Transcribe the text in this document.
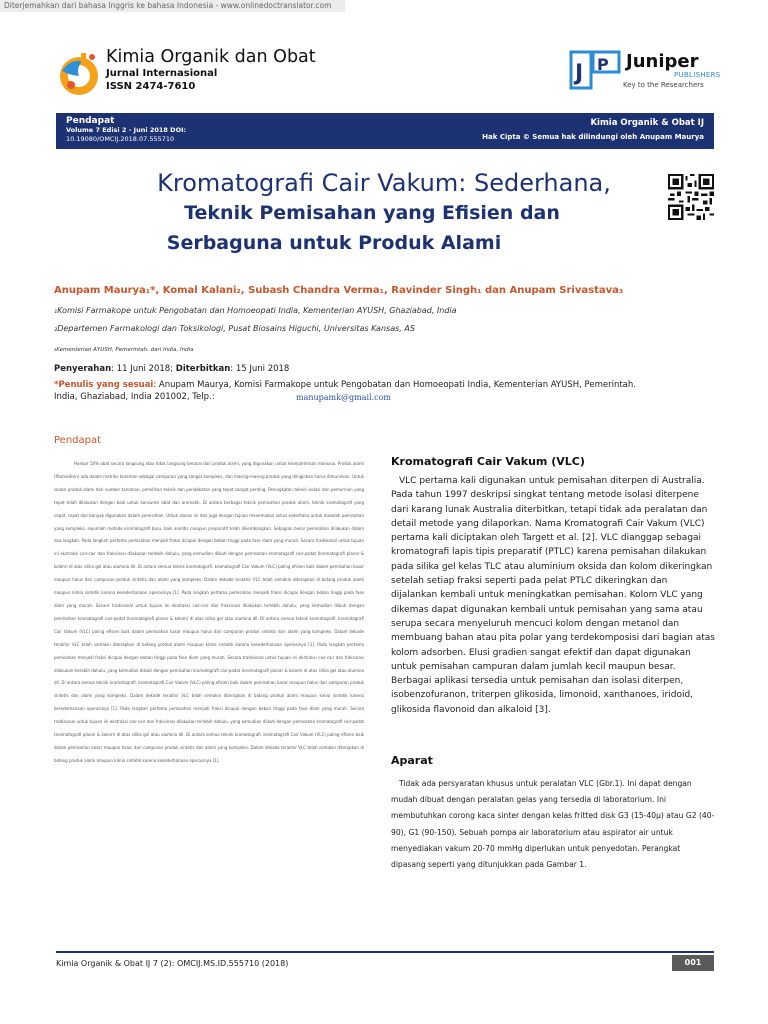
Diterjemahkan dari bahasa Inggris ke bahasa Indonesia - www.onlinedoctranslator.com
Kimia Organik dan Obat
Jurnal Internasional
ISSN 2474-7610
J P Juniper
PUBLISHERS
Key to the Researchers
Pendapat
Volume 7 Edisi 2 - Juni 2018 DOI:
10.19080/OMCIJ.2018.07.555710
Kimia Organik & Obat IJ
Hak Cipta © Semua hak dilindungi oleh Anupam Maurya
Kromatografi Cair Vakum: Sederhana,
Teknik Pemisahan yang Efisien dan
Serbaguna untuk Produk Alami
Anupam Maurya₁*, Komal Kalani₂, Subash Chandra Verma₁, Ravinder Singh₁ dan Anupam Srivastava₃
₁Komisi Farmakope untuk Pengobatan dan Homoeopati India, Kementerian AYUSH, Ghaziabad, India
₂Departemen Farmakologi dan Toksikologi, Pusat Biosains Higuchi, Universitas Kansas, AS
₃Kementerian AYUSH, Pemerintah. dari India, India
Penyerahan: 11 Juni 2018; Diterbitkan: 15 Juni 2018
*Penulis yang sesuai: Anupam Maurya, Komisi Farmakope untuk Pengobatan dan Homoeopati India, Kementerian AYUSH, Pemerintah.
India, Ghaziabad, India 201002, Telp.:	manupamk@gmail.com
Pendapat

Hampir 50% obat secara langsung atau tidak langsung berasal dari produk alami, yang digunakan untuk kesejahteraan manusia. Produk alami (fitomedisin) ada dalam matriks tanaman sebagai campuran yang sangat kompleks, dan masing-masing produk yang diinginkan harus dimurnikan. Untuk isolasi produk alami dari sumber tanaman, pemilihan teknik dan pendekatan yang tepat sangat penting. Peningkatan teknik isolasi dan pemurnian yang tepat telah dilakukan dengan baik untuk konsumsi obat dan aromatik. Di antara berbagai teknik pemisahan produk alami, teknik kromatografi yang cepat, cepat dan banyak digunakan dalam pemisahan. Untuk alasan ini dan juga dengan tujuan menemukan solusi sederhana untuk masalah pemisahan yang kompleks, sejumlah metode kromatografi baru, baik analitis maupun preparatif telah dikembangkan. Sebagian besar pemisahan dilakukan dalam dua langkah. Pada langkah pertama pemisahan menjadi fraksi dicapai dengan beban tinggi pada fase diam yang murah. Secara tradisional untuk tujuan ini ekstraksi cair-cair dan fraksinasi dilakukan terlebih dahulu, yang kemudian diikuti dengan pemisahan kromatografi cair-padat (kromatografi planar & kolom) di atas silika gel atau alumina dll. Di antara semua teknik kromatografi, kromatografi Cair Vakum (VLC) paling efisien baik dalam pemisahan kasar maupun halus dari campuran produk sintetis dan alami yang kompleks. Dalam dekade terakhir VLC telah semakin diterapkan di bidang produk alami maupun kimia sintetik karena kesederhanaan operasinya [1]. Pada langkah pertama pemisahan menjadi fraksi dicapai dengan beban tinggi pada fase diam yang murah. Secara tradisional untuk tujuan ini ekstraksi cair-cair dan fraksinasi dilakukan terlebih dahulu, yang kemudian diikuti dengan pemisahan kromatografi cair-padat (kromatografi planar & kolom) di atas silika gel atau alumina dll. Di antara semua teknik kromatografi, kromatografi Cair Vakum (VLC) paling efisien baik dalam pemisahan kasar maupun halus dari campuran produk sintetis dan alami yang kompleks. Dalam dekade terakhir VLC telah semakin diterapkan di bidang produk alami maupun kimia sintetik karena kesederhanaan operasinya [1]. Pada langkah pertama pemisahan menjadi fraksi dicapai dengan beban tinggi pada fase diam yang murah. Secara tradisional untuk tujuan ini ekstraksi cair-cair dan fraksinasi dilakukan terlebih dahulu, yang kemudian diikuti dengan pemisahan kromatografi cair-padat (kromatografi planar & kolom) di atas silika gel atau alumina dll. Di antara semua teknik kromatografi, kromatografi Cair Vakum (VLC) paling efisien baik dalam pemisahan kasar maupun halus dari campuran produk sintetis dan alami yang kompleks. Dalam dekade terakhir VLC telah semakin diterapkan di bidang produk alami maupun kimia sintetik karena kesederhanaan operasinya [1]. Pada langkah pertama pemisahan menjadi fraksi dicapai dengan beban tinggi pada fase diam yang murah. Secara tradisional untuk tujuan ini ekstraksi cair-cair dan fraksinasi dilakukan terlebih dahulu, yang kemudian diikuti dengan pemisahan kromatografi cair-padat (kromatografi planar & kolom) di atas silika gel atau alumina dll. Di antara semua teknik kromatografi, kromatografi Cair Vakum (VLC) paling efisien baik dalam pemisahan kasar maupun halus dari campuran produk sintetis dan alami yang kompleks. Dalam dekade terakhir VLC telah semakin diterapkan di bidang produk alami maupun kimia sintetik karena kesederhanaan operasinya [1].

Kromatografi Cair Vakum (VLC)

VLC pertama kali digunakan untuk pemisahan diterpen di Australia. Pada tahun 1997 deskripsi singkat tentang metode isolasi diterpene dari karang lunak Australia diterbitkan, tetapi tidak ada peralatan dan detail metode yang dilaporkan. Nama Kromatografi Cair Vakum (VLC) pertama kali diciptakan oleh Targett et al. [2]. VLC dianggap sebagai kromatografi lapis tipis preparatif (PTLC) karena pemisahan dilakukan pada silika gel kelas TLC atau aluminium oksida dan kolom dikeringkan setelah setiap fraksi seperti pada pelat PTLC dikeringkan dan dijalankan kembali untuk meningkatkan pemisahan. Kolom VLC yang dikemas dapat digunakan kembali untuk pemisahan yang sama atau serupa secara menyeluruh mencuci kolom dengan metanol dan membuang bahan atau pita polar yang terdekomposisi dari bagian atas kolom adsorben. Elusi gradien sangat efektif dan dapat digunakan untuk pemisahan campuran dalam jumlah kecil maupun besar. Berbagai aplikasi tersedia untuk pemisahan dan isolasi diterpen, isobenzofuranon, triterpen glikosida, limonoid, xanthanoes, iridoid, glikosida flavonoid dan alkaloid [3].

Aparat

Tidak ada persyaratan khusus untuk peralatan VLC (Gbr.1). Ini dapat dengan mudah dibuat dengan peralatan gelas yang tersedia di laboratorium. Ini membutuhkan corong kaca sinter dengan kelas fritted disk G3 (15-40μ) atau G2 (40-90), G1 (90-150). Sebuah pompa air laboratorium atau aspirator air untuk menyediakan vakum 20-70 mmHg diperlukan untuk penyedotan. Perangkat dipasang seperti yang ditunjukkan pada Gambar 1.

Kimia Organik & Obat IJ 7 (2): OMCIJ.MS.ID.555710 (2018)	001
